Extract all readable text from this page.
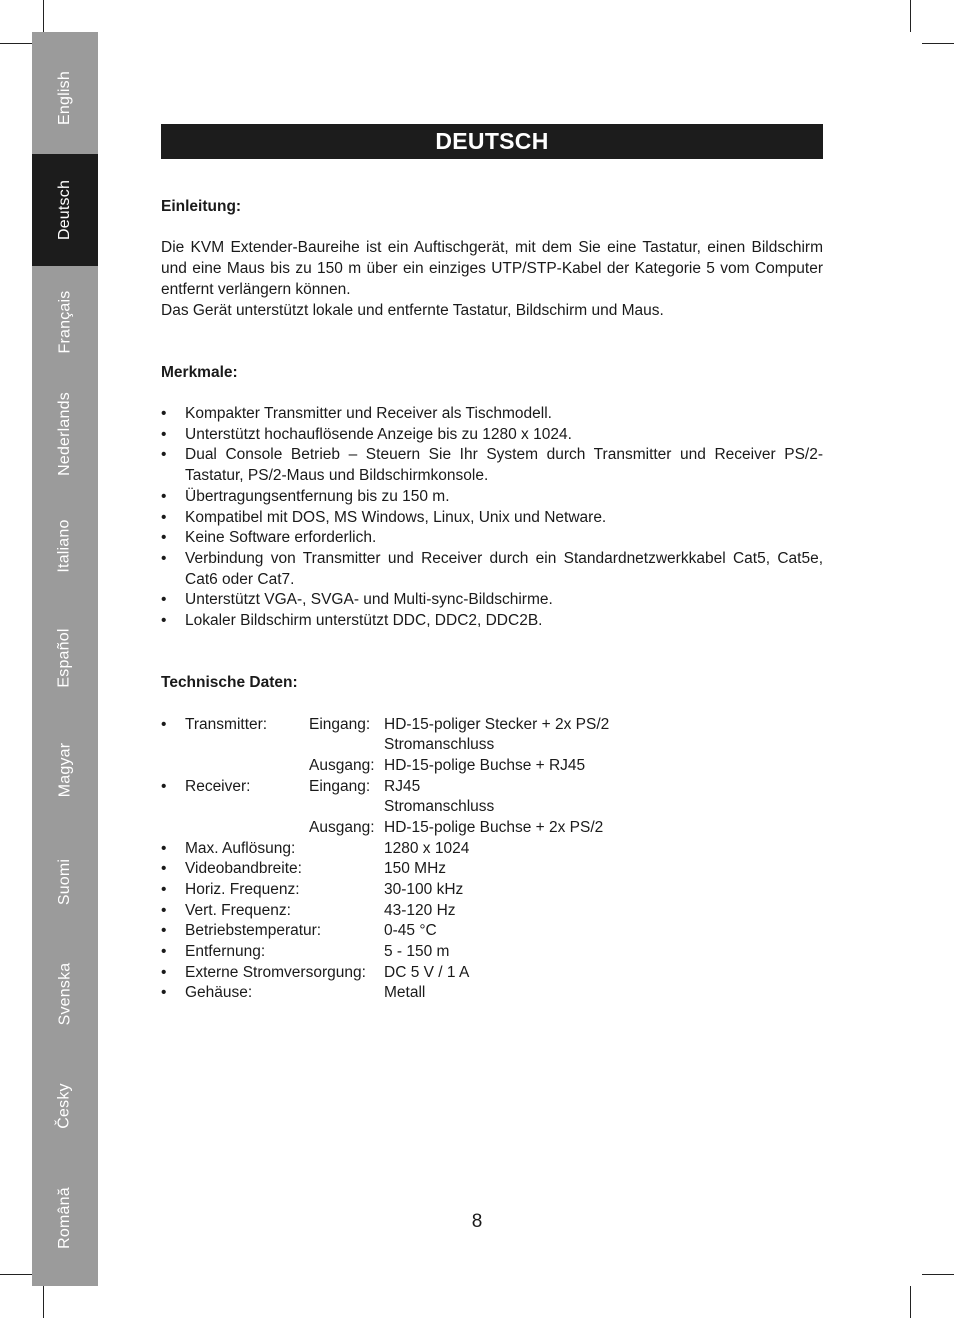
English
Deutsch
Français
Nederlands
Italiano
Español
Magyar
Suomi
Svenska
Česky
Română
DEUTSCH

Einleitung:

Die KVM Extender-Baureihe ist ein Auftischgerät, mit dem Sie eine Tastatur, einen Bildschirm und eine Maus bis zu 150 m über ein einziges UTP/STP-Kabel der Kategorie 5 vom Computer entfernt verlängern können.

Das Gerät unterstützt lokale und entfernte Tastatur, Bildschirm und Maus.

Merkmale:

• Kompakter Transmitter und Receiver als Tischmodell.
• Unterstützt hochauflösende Anzeige bis zu 1280 x 1024.
• Dual Console Betrieb – Steuern Sie Ihr System durch Transmitter und Receiver PS/2-Tastatur, PS/2-Maus und Bildschirmkonsole.
• Übertragungsentfernung bis zu 150 m.
• Kompatibel mit DOS, MS Windows, Linux, Unix und Netware.
• Keine Software erforderlich.
• Verbindung von Transmitter und Receiver durch ein Standardnetzwerkkabel Cat5, Cat5e, Cat6 oder Cat7.
• Unterstützt VGA-, SVGA- und Multi-sync-Bildschirme.
• Lokaler Bildschirm unterstützt DDC, DDC2, DDC2B.

Technische Daten:

• Transmitter:	Eingang: HD-15-poliger Stecker + 2x PS/2
Stromanschluss
Ausgang: HD-15-polige Buchse + RJ45
• Receiver:	Eingang: RJ45
Stromanschluss
Ausgang: HD-15-polige Buchse + 2x PS/2
• Max. Auflösung:	1280 x 1024
• Videobandbreite:	150 MHz
• Horiz. Frequenz:	30-100 kHz
• Vert. Frequenz:	43-120 Hz
• Betriebstemperatur:	0-45 °C
• Entfernung:	5 - 150 m
• Externe Stromversorgung: DC 5 V / 1 A
• Gehäuse:	Metall
8
